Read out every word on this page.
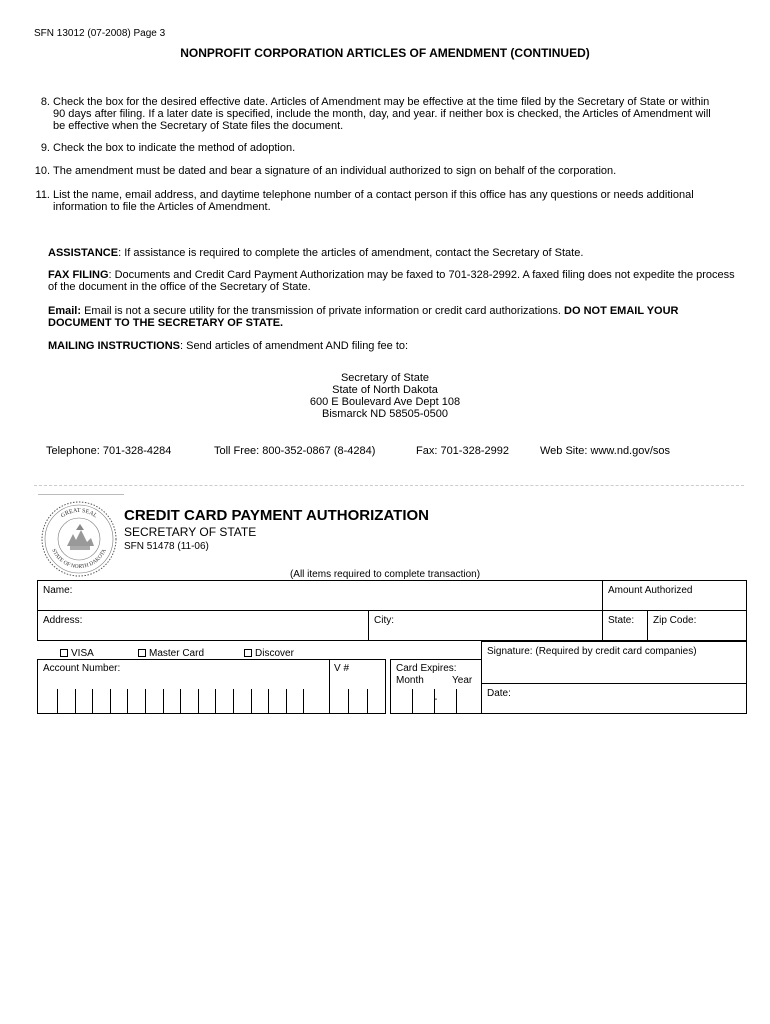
SFN 13012 (07-2008) Page 3
NONPROFIT CORPORATION ARTICLES OF AMENDMENT (CONTINUED)
8. Check the box for the desired effective date. Articles of Amendment may be effective at the time filed by the Secretary of State or within 90 days after filing. If a later date is specified, include the month, day, and year. if neither box is checked, the Articles of Amendment will be effective when the Secretary of State files the document.
9. Check the box to indicate the method of adoption.
10. The amendment must be dated and bear a signature of an individual authorized to sign on behalf of the corporation.
11. List the name, email address, and daytime telephone number of a contact person if this office has any questions or needs additional information to file the Articles of Amendment.
ASSISTANCE: If assistance is required to complete the articles of amendment, contact the Secretary of State.
FAX FILING: Documents and Credit Card Payment Authorization may be faxed to 701-328-2992. A faxed filing does not expedite the process of the document in the office of the Secretary of State.
Email: Email is not a secure utility for the transmission of private information or credit card authorizations. DO NOT EMAIL YOUR DOCUMENT TO THE SECRETARY OF STATE.
MAILING INSTRUCTIONS: Send articles of amendment AND filing fee to:
Secretary of State
State of North Dakota
600 E Boulevard Ave Dept 108
Bismarck ND 58505-0500
Telephone: 701-328-4284	Toll Free: 800-352-0867 (8-4284)	Fax: 701-328-2992	Web Site: www.nd.gov/sos
GREAT SEAL
STATE OF NORTH DAKOTA
CREDIT CARD PAYMENT AUTHORIZATION
SECRETARY OF STATE
SFN 51478 (11-06)
(All items required to complete transaction)
Name:	Amount Authorized
Address:	City:	State: Zip Code:
VISA	Master Card	Discover
Account Number:	V #	Card Expires:
Month	Year
-
Signature: (Required by credit card companies)
Date:
